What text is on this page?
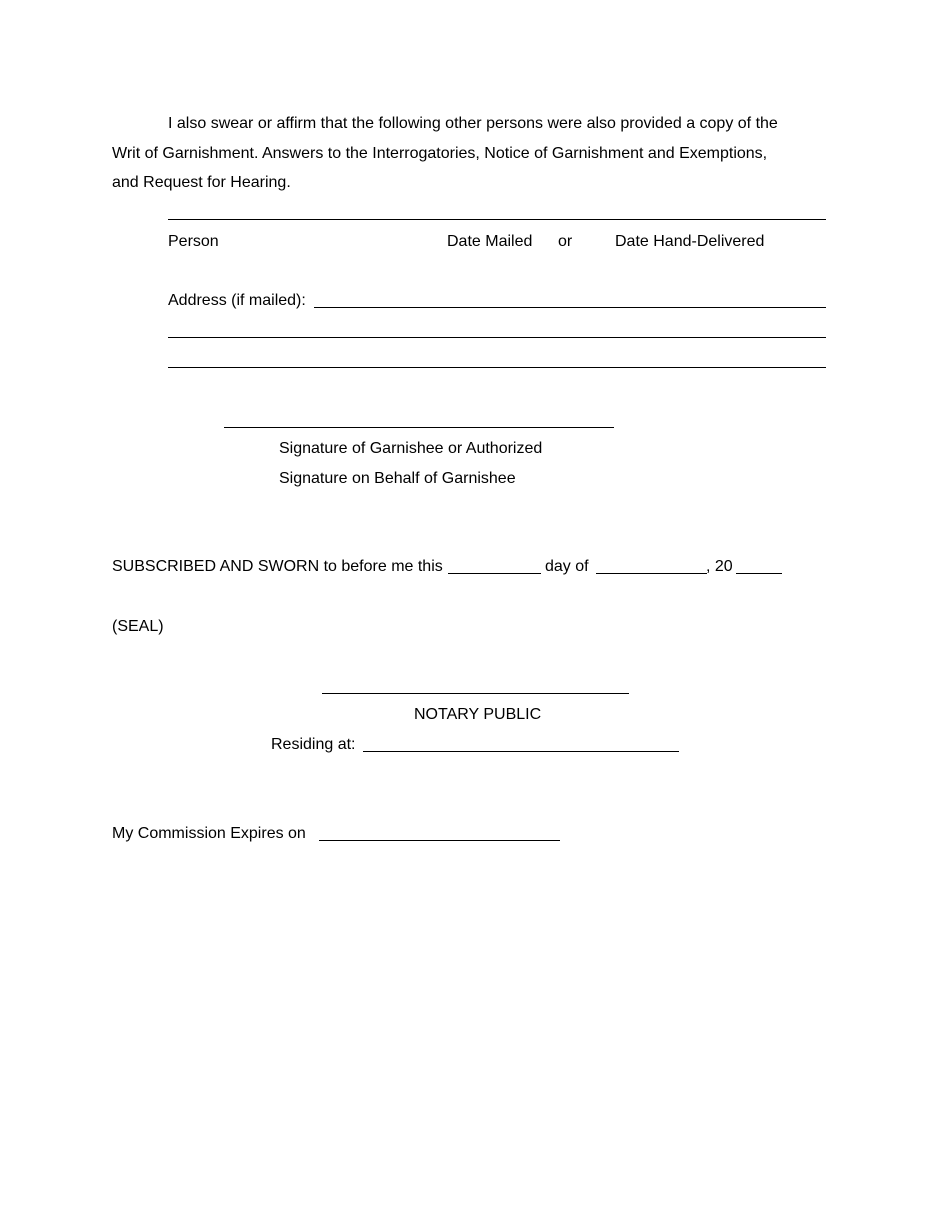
I also swear or affirm that the following other persons were also provided a copy of the
Writ of Garnishment. Answers to the Interrogatories, Notice of Garnishment and Exemptions,
and Request for Hearing.
Person	Date Mailed or	Date Hand-Delivered
Address (if mailed):
Signature of Garnishee or Authorized
Signature on Behalf of Garnishee
SUBSCRIBED AND SWORN to before me this	day of	, 20
(SEAL)
NOTARY PUBLIC
Residing at:
My Commission Expires on
